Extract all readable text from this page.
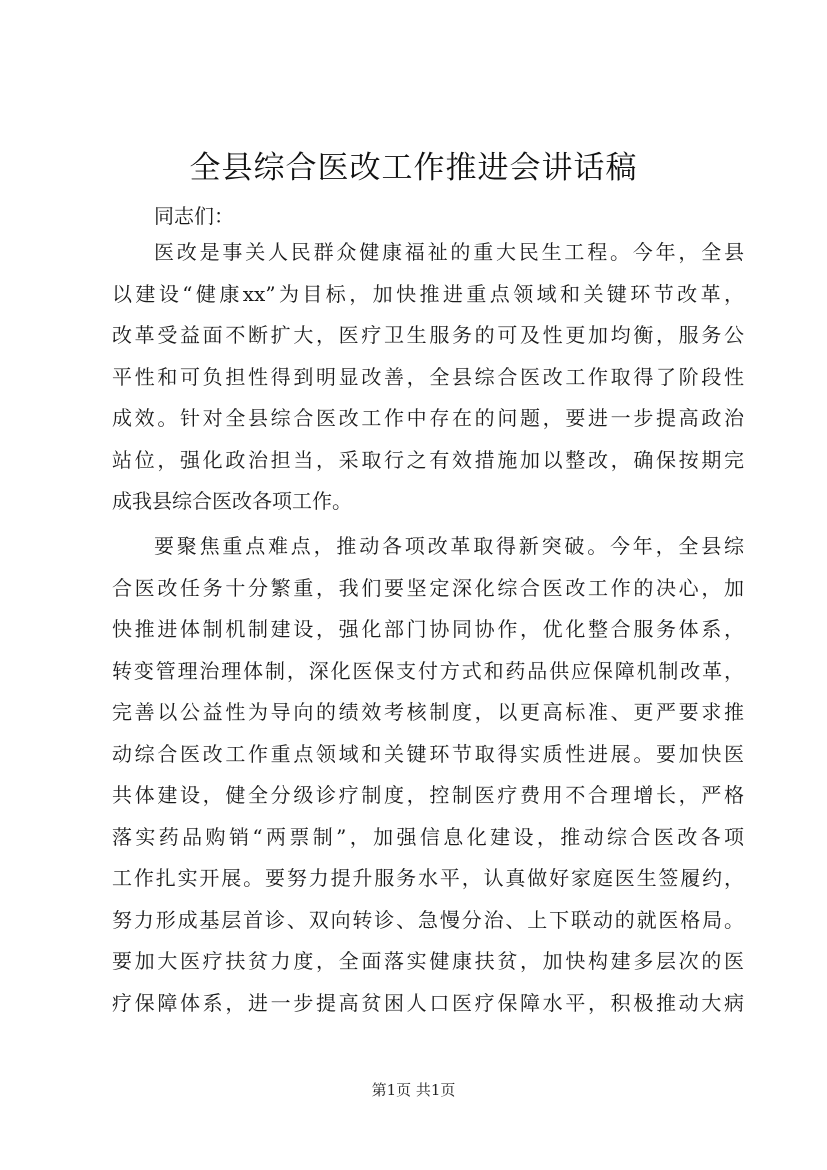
全县综合医改工作推进会讲话稿
同志们：
医改是事关人民群众健康福祉的重大民生工程。今年，全县
以建设“健康xx”为目标，加快推进重点领域和关键环节改革，
改革受益面不断扩大，医疗卫生服务的可及性更加均衡，服务公
平性和可负担性得到明显改善，全县综合医改工作取得了阶段性
成效。针对全县综合医改工作中存在的问题，要进一步提高政治
站位，强化政治担当，采取行之有效措施加以整改，确保按期完
成我县综合医改各项工作。
要聚焦重点难点，推动各项改革取得新突破。今年，全县综
合医改任务十分繁重，我们要坚定深化综合医改工作的决心，加
快推进体制机制建设，强化部门协同协作，优化整合服务体系，
转变管理治理体制，深化医保支付方式和药品供应保障机制改革，
完善以公益性为导向的绩效考核制度，以更高标准、更严要求推
动综合医改工作重点领域和关键环节取得实质性进展。要加快医
共体建设，健全分级诊疗制度，控制医疗费用不合理增长，严格
落实药品购销“两票制”，加强信息化建设，推动综合医改各项
工作扎实开展。要努力提升服务水平，认真做好家庭医生签履约，
努力形成基层首诊、双向转诊、急慢分治、上下联动的就医格局。
要加大医疗扶贫力度，全面落实健康扶贫，加快构建多层次的医
疗保障体系，进一步提高贫困人口医疗保障水平，积极推动大病
第1页 共1页
